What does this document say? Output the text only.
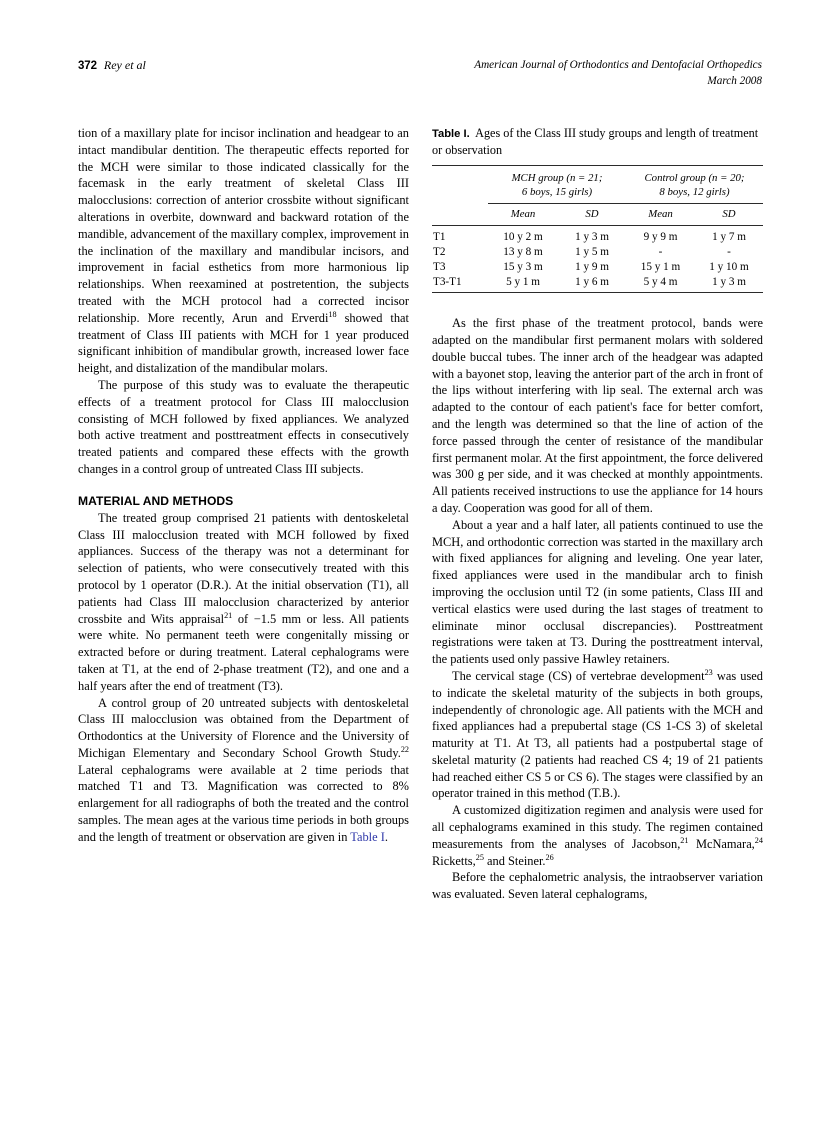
372 Rey et al	American Journal of Orthodontics and Dentofacial Orthopedics
March 2008

tion of a maxillary plate for incisor inclination and headgear to an intact mandibular dentition. The therapeutic effects reported for the MCH were similar to those indicated classically for the facemask in the early treatment of skeletal Class III malocclusions: correction of anterior crossbite without significant alterations in overbite, downward and backward rotation of the mandible, advancement of the maxillary complex, improvement in the inclination of the maxillary and mandibular incisors, and improvement in facial esthetics from more harmonious lip relationships. When reexamined at postretention, the subjects treated with the MCH protocol had a corrected incisor relationship. More recently, Arun and Erverdi$^{18}$ showed that treatment of Class III patients with MCH for 1 year produced significant inhibition of mandibular growth, increased lower face height, and distalization of the mandibular molars.

The purpose of this study was to evaluate the therapeutic effects of a treatment protocol for Class III malocclusion consisting of MCH followed by fixed appliances. We analyzed both active treatment and posttreatment effects in consecutively treated patients and compared these effects with the growth changes in a control group of untreated Class III subjects.

MATERIAL AND METHODS

The treated group comprised 21 patients with dentoskeletal Class III malocclusion treated with MCH followed by fixed appliances. Success of the therapy was not a determinant for selection of patients, who were consecutively treated with this protocol by 1 operator (D.R.). At the initial observation (T1), all patients had Class III malocclusion characterized by anterior crossbite and Wits appraisal$^{21}$ of −1.5 mm or less. All patients were white. No permanent teeth were congenitally missing or extracted before or during treatment. Lateral cephalograms were taken at T1, at the end of 2-phase treatment (T2), and one and a half years after the end of treatment (T3).

A control group of 20 untreated subjects with dentoskeletal Class III malocclusion was obtained from the Department of Orthodontics at the University of Florence and the University of Michigan Elementary and Secondary School Growth Study.$^{22}$ Lateral cephalograms were available at 2 time periods that matched T1 and T3. Magnification was corrected to 8% enlargement for all radiographs of both the treated and the control samples. The mean ages at the various time periods in both groups and the length of treatment or observation are given in Table I.

Table I. Ages of the Class III study groups and length of treatment or observation

	MCH group (n = 21;
6 boys, 15 girls)		Control group (n = 20;
8 boys, 12 girls)	

	Mean	SD	Mean	SD

T1	10 y 2 m	1 y 3 m	9 y 9 m	1 y 7 m
T2	13 y 8 m	1 y 5 m	-	-
T3	15 y 3 m	1 y 9 m	15 y 1 m	1 y 10 m
T3-T1	5 y 1 m	1 y 6 m	5 y 4 m	1 y 3 m

As the first phase of the treatment protocol, bands were adapted on the mandibular first permanent molars with soldered double buccal tubes. The inner arch of the headgear was adapted with a bayonet stop, leaving the anterior part of the arch in front of the lips without interfering with lip seal. The external arch was adapted to the contour of each patient's face for better comfort, and the length was determined so that the line of action of the force passed through the center of resistance of the mandibular first permanent molar. At the first appointment, the force delivered was 300 g per side, and it was checked at monthly appointments. All patients received instructions to use the appliance for 14 hours a day. Cooperation was good for all of them.

About a year and a half later, all patients continued to use the MCH, and orthodontic correction was started in the maxillary arch with fixed appliances for aligning and leveling. One year later, fixed appliances were used in the mandibular arch to finish improving the occlusion until T2 (in some patients, Class III and vertical elastics were used during the last stages of treatment to eliminate minor occlusal discrepancies). Posttreatment registrations were taken at T3. During the posttreatment interval, the patients used only passive Hawley retainers.

The cervical stage (CS) of vertebrae development$^{23}$ was used to indicate the skeletal maturity of the subjects in both groups, independently of chronologic age. All patients with the MCH and fixed appliances had a prepubertal stage (CS 1-CS 3) of skeletal maturity at T1. At T3, all patients had a postpubertal stage of skeletal maturity (2 patients had reached CS 4; 19 of 21 patients had reached either CS 5 or CS 6). The stages were classified by an operator trained in this method (T.B.).

A customized digitization regimen and analysis were used for all cephalograms examined in this study. The regimen contained measurements from the analyses of Jacobson,$^{21}$ McNamara,$^{24}$ Ricketts,$^{25}$ and Steiner.$^{26}$

Before the cephalometric analysis, the intraobserver variation was evaluated. Seven lateral cephalograms,
